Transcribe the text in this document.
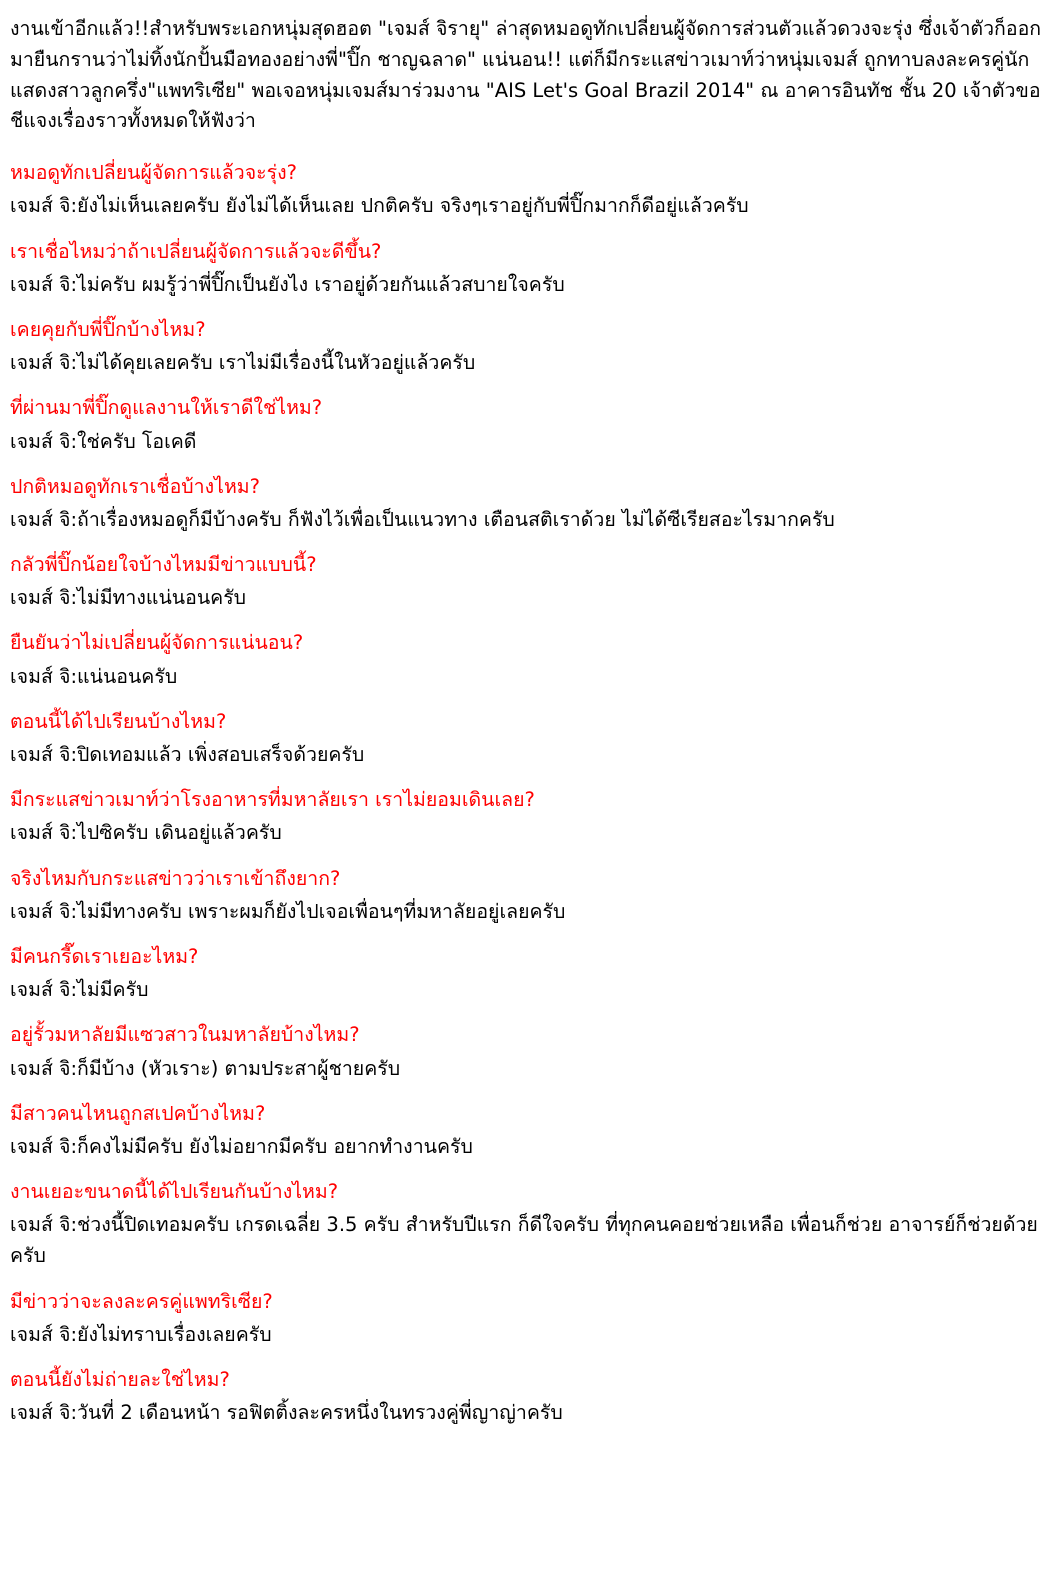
งานเข้าอีกแล้ว!!สำหรับพระเอกหนุ่มสุดฮอต "เจมส์ จิรายุ" ล่าสุดหมอดูทักเปลี่ยนผู้จัดการส่วนตัวแล้วดวงจะรุ่ง ซึ่งเจ้าตัวก็ออกมายืนกรานว่าไม่ทิ้งนักปั้นมือทองอย่างพี่"ปิ๊ก ชาญฉลาด" แน่นอน!! แต่ก็มีกระแสข่าวเมาท์ว่าหนุ่มเจมส์ ถูกทาบลงละครคู่นักแสดงสาวลูกครึ่ง"แพทริเซีย" พอเจอหนุ่มเจมส์มาร่วมงาน "AIS Let's Goal Brazil 2014" ณ อาคารอินทัช ชั้น 20 เจ้าตัวขอชีแจงเรื่องราวทั้งหมดให้ฟังว่า

หมอดูทักเปลี่ยนผู้จัดการแล้วจะรุ่ง?

เจมส์ จิ:ยังไม่เห็นเลยครับ ยังไม่ได้เห็นเลย ปกติครับ จริงๆเราอยู่กับพี่ปิ๊กมากก็ดีอยู่แล้วครับ

เราเชื่อไหมว่าถ้าเปลี่ยนผู้จัดการแล้วจะดีขึ้น?

เจมส์ จิ:ไม่ครับ ผมรู้ว่าพี่ปิ๊กเป็นยังไง เราอยู่ด้วยกันแล้วสบายใจครับ

เคยคุยกับพี่ปิ๊กบ้างไหม?

เจมส์ จิ:ไม่ได้คุยเลยครับ เราไม่มีเรื่องนี้ในหัวอยู่แล้วครับ

ที่ผ่านมาพี่ปิ๊กดูแลงานให้เราดีใช่ไหม?

เจมส์ จิ:ใช่ครับ โอเคดี

ปกติหมอดูทักเราเชื่อบ้างไหม?

เจมส์ จิ:ถ้าเรื่องหมอดูก็มีบ้างครับ ก็ฟังไว้เพื่อเป็นแนวทาง เตือนสติเราด้วย ไม่ได้ซีเรียสอะไรมากครับ

กลัวพี่ปิ๊กน้อยใจบ้างไหมมีข่าวแบบนี้?

เจมส์ จิ:ไม่มีทางแน่นอนครับ

ยืนยันว่าไม่เปลี่ยนผู้จัดการแน่นอน?

เจมส์ จิ:แน่นอนครับ

ตอนนี้ได้ไปเรียนบ้างไหม?

เจมส์ จิ:ปิดเทอมแล้ว เพิ่งสอบเสร็จด้วยครับ

มีกระแสข่าวเมาท์ว่าโรงอาหารที่มหาลัยเรา เราไม่ยอมเดินเลย?

เจมส์ จิ:ไปซิครับ เดินอยู่แล้วครับ

จริงไหมกับกระแสข่าวว่าเราเข้าถึงยาก?

เจมส์ จิ:ไม่มีทางครับ เพราะผมก็ยังไปเจอเพื่อนๆที่มหาลัยอยู่เลยครับ

มีคนกรี๊ดเราเยอะไหม?

เจมส์ จิ:ไม่มีครับ

อยู่รั้วมหาลัยมีแซวสาวในมหาลัยบ้างไหม?

เจมส์ จิ:ก็มีบ้าง (หัวเราะ) ตามประสาผู้ชายครับ

มีสาวคนไหนถูกสเปคบ้างไหม?

เจมส์ จิ:ก็คงไม่มีครับ ยังไม่อยากมีครับ อยากทำงานครับ

งานเยอะขนาดนี้ได้ไปเรียนกันบ้างไหม?

เจมส์ จิ:ช่วงนี้ปิดเทอมครับ เกรดเฉลี่ย 3.5 ครับ สำหรับปีแรก ก็ดีใจครับ ที่ทุกคนคอยช่วยเหลือ เพื่อนก็ช่วย อาจารย์ก็ช่วยด้วยครับ

มีข่าวว่าจะลงละครคู่แพทริเซีย?

เจมส์ จิ:ยังไม่ทราบเรื่องเลยครับ

ตอนนี้ยังไม่ถ่ายละใช่ไหม?

เจมส์ จิ:วันที่ 2 เดือนหน้า รอฟิตติ้งละครหนึ่งในทรวงคู่พี่ญาญ่าครับ
